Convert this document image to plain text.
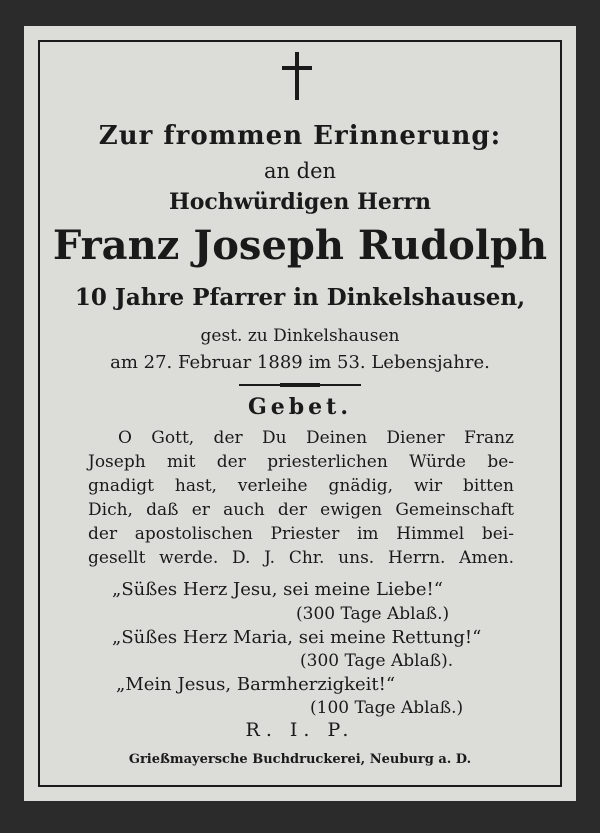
Zur frommen Erinnerung:
an den
Hochwürdigen Herrn
Franz Joseph Rudolph
10 Jahre Pfarrer in Dinkelshausen,
gest. zu Dinkelshausen
am 27. Februar 1889 im 53. Lebensjahre.
Gebet.
O Gott, der Du Deinen Diener Franz
Joseph mit der priesterlichen Würde be-
gnadigt hast, verleihe gnädig, wir bitten
Dich, daß er auch der ewigen Gemeinschaft
der apostolischen Priester im Himmel bei-
gesellt werde. D. J. Chr. uns. Herrn. Amen.
„Süßes Herz Jesu, sei meine Liebe!“
(300 Tage Ablaß.)
„Süßes Herz Maria, sei meine Rettung!“
(300 Tage Ablaß).
„Mein Jesus, Barmherzigkeit!“
(100 Tage Ablaß.)
R. I. P.
Grießmayersche Buchdruckerei, Neuburg a. D.
